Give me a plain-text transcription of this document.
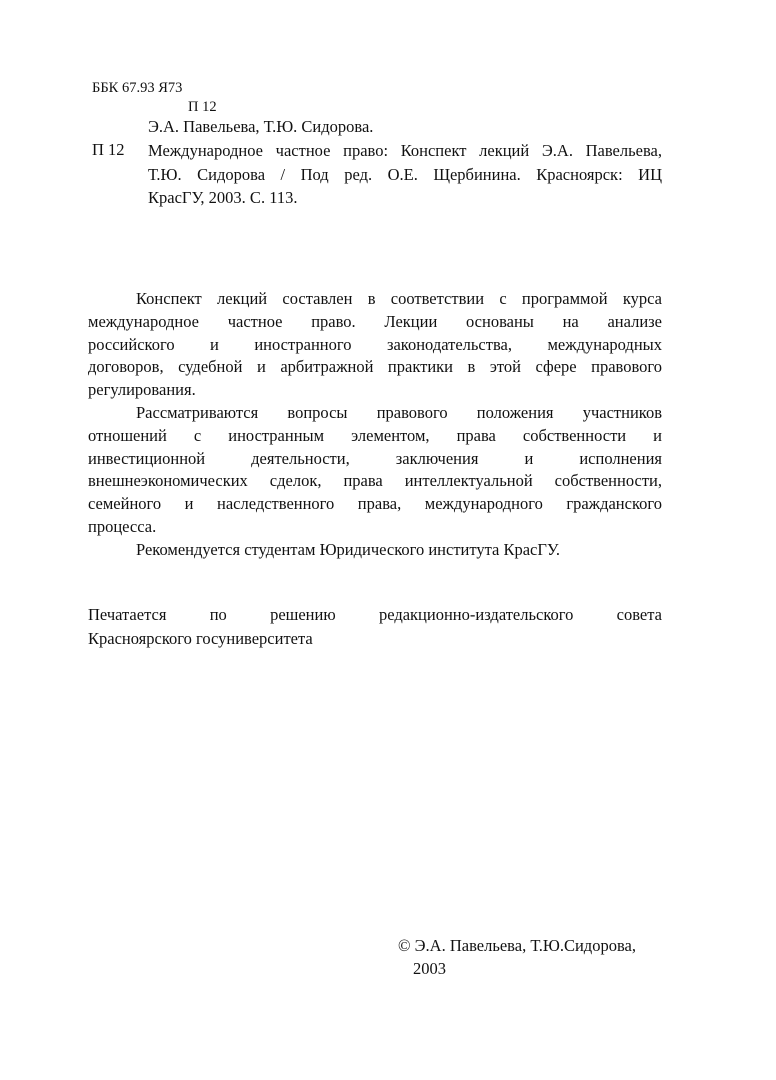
ББК 67.93 Я73

П 12

Э.А. Павельева, Т.Ю. Сидорова.

П 12 Международное частное право: Конспект лекций Э.А. Павельева,
Т.Ю. Сидорова / Под ред. О.Е. Щербинина. Красноярск: ИЦ
КрасГУ, 2003. С. 113.
Конспект лекций составлен в соответствии с программой курса
международное частное право. Лекции основаны на анализе
российского и иностранного законодательства, международных
договоров, судебной и арбитражной практики в этой сфере правового
регулирования.
Рассматриваются вопросы правового положения участников
отношений с иностранным элементом, права собственности и
инвестиционной деятельности, заключения и исполнения
внешнеэкономических сделок, права интеллектуальной собственности,
семейного и наследственного права, международного гражданского
процесса.

Рекомендуется студентам Юридического института КрасГУ.

Печатается по решению редакционно-издательского совета
Красноярского госуниверситета

© Э.А. Павельева, Т.Ю.Сидорова,

2003
